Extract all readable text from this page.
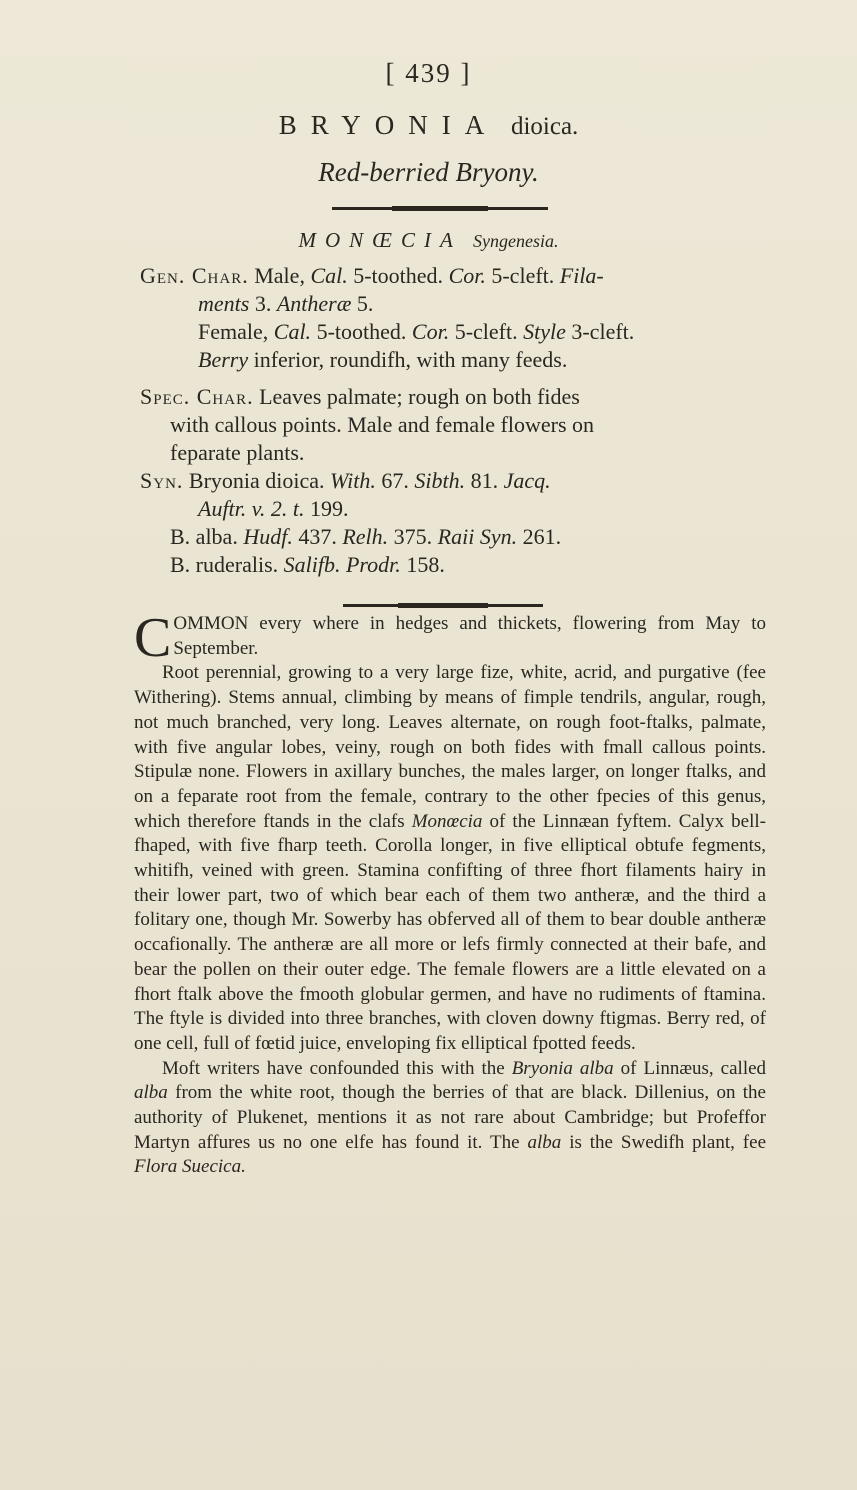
[ 439 ]
BRYONIA dioica.
Red-berried Bryony.
MONŒCIA Syngenesia.
Gen. Char. Male, Cal. 5-toothed. Cor. 5-cleft. Fila-
ments 3. Antheræ 5.
Female, Cal. 5-toothed. Cor. 5-cleft. Style 3-cleft.
Berry inferior, roundifh, with many feeds.
Spec. Char. Leaves palmate; rough on both fides
with callous points. Male and female flowers on
feparate plants.
Syn. Bryonia dioica. With. 67. Sibth. 81. Jacq.
Auftr. v. 2. t. 199.
B. alba. Hudf. 437. Relh. 375. Raii Syn. 261.
B. ruderalis. Salifb. Prodr. 158.

COMMON every where in hedges and thickets, flowering from May to September.

Root perennial, growing to a very large fize, white, acrid, and purgative (fee Withering). Stems annual, climbing by means of fimple tendrils, angular, rough, not much branched, very long. Leaves alternate, on rough foot-ftalks, palmate, with five angular lobes, veiny, rough on both fides with fmall callous points. Stipulæ none. Flowers in axillary bunches, the males larger, on longer ftalks, and on a feparate root from the female, contrary to the other fpecies of this genus, which therefore ftands in the clafs Monœcia of the Linnæan fyftem. Calyx bell-fhaped, with five fharp teeth. Corolla longer, in five elliptical obtufe fegments, whitifh, veined with green. Stamina confifting of three fhort filaments hairy in their lower part, two of which bear each of them two antheræ, and the third a folitary one, though Mr. Sowerby has obferved all of them to bear double antheræ occafionally. The antheræ are all more or lefs firmly connected at their bafe, and bear the pollen on their outer edge. The female flowers are a little elevated on a fhort ftalk above the fmooth globular germen, and have no rudiments of ftamina. The ftyle is divided into three branches, with cloven downy ftigmas. Berry red, of one cell, full of fœtid juice, enveloping fix elliptical fpotted feeds.

Moft writers have confounded this with the Bryonia alba of Linnæus, called alba from the white root, though the berries of that are black. Dillenius, on the authority of Plukenet, mentions it as not rare about Cambridge; but Profeffor Martyn affures us no one elfe has found it. The alba is the Swedifh plant, fee Flora Suecica.
